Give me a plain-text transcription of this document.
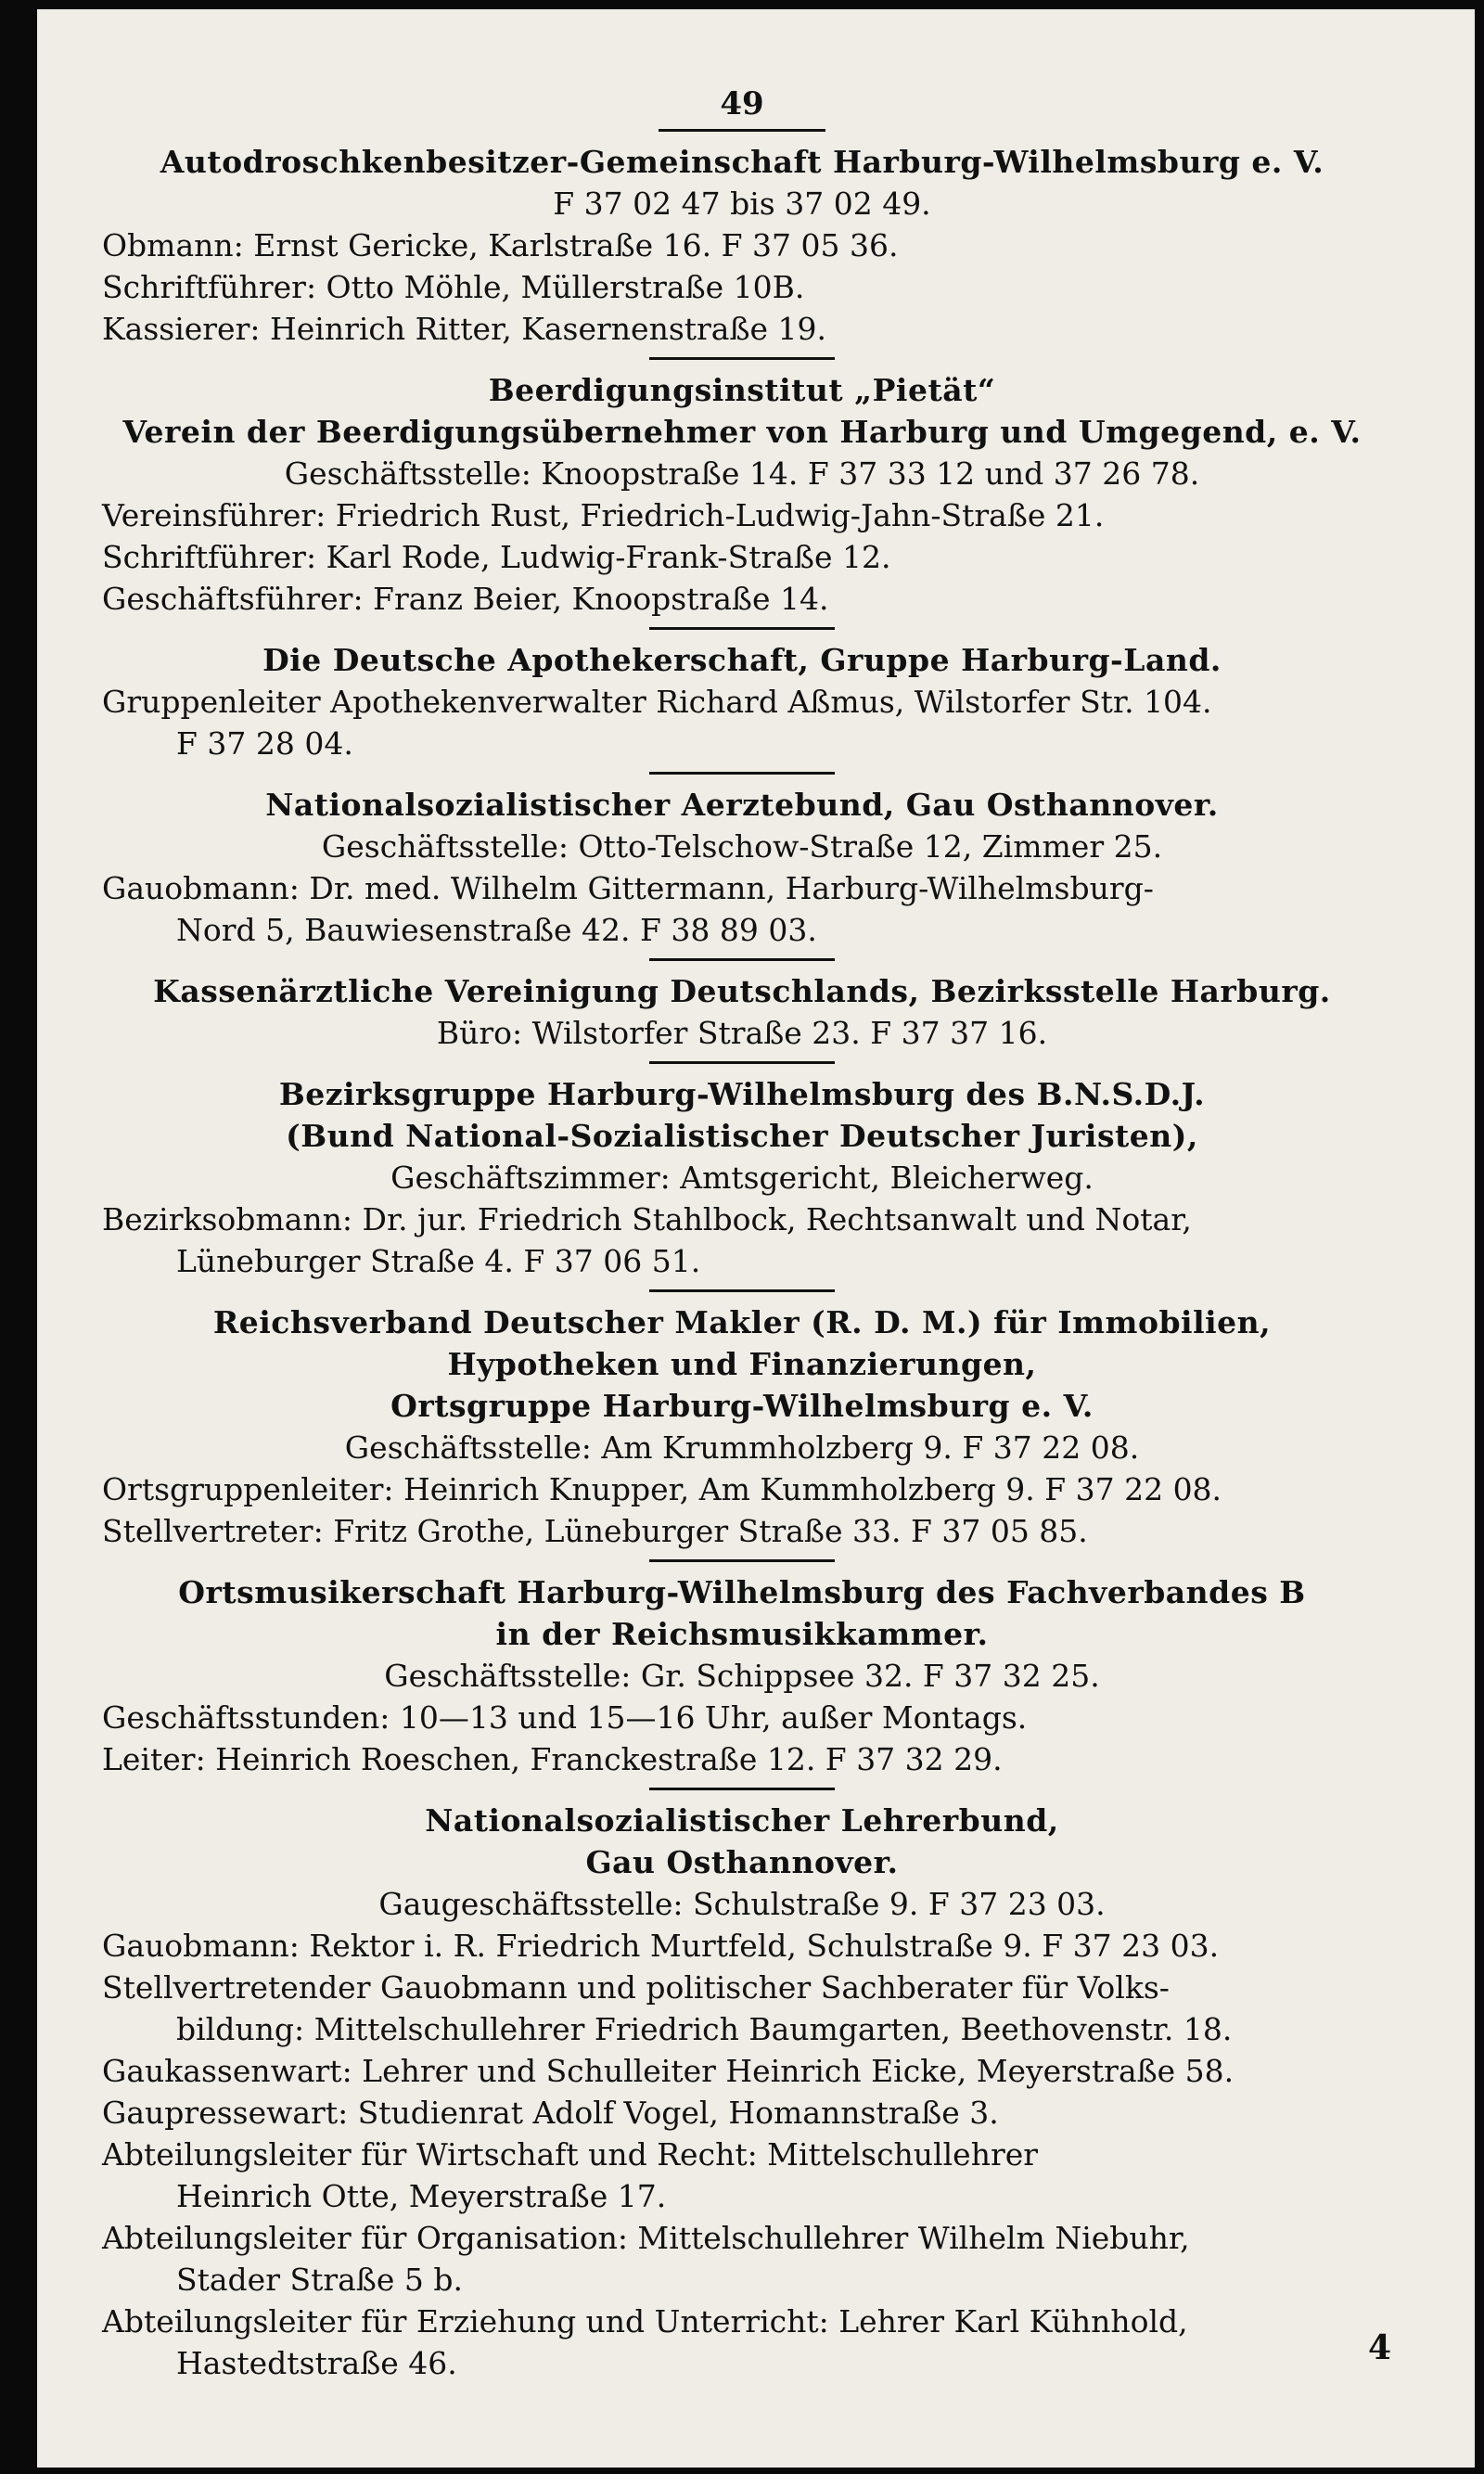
49
Autodroschkenbesitzer-Gemeinschaft Harburg-Wilhelmsburg e. V.
F 37 02 47 bis 37 02 49.
Obmann: Ernst Gericke, Karlstraße 16. F 37 05 36.
Schriftführer: Otto Möhle, Müllerstraße 10B.
Kassierer: Heinrich Ritter, Kasernenstraße 19.
Beerdigungsinstitut „Pietät“
Verein der Beerdigungsübernehmer von Harburg und Umgegend, e. V.
Geschäftsstelle: Knoopstraße 14. F 37 33 12 und 37 26 78.
Vereinsführer: Friedrich Rust, Friedrich-Ludwig-Jahn-Straße 21.
Schriftführer: Karl Rode, Ludwig-Frank-Straße 12.
Geschäftsführer: Franz Beier, Knoopstraße 14.
Die Deutsche Apothekerschaft, Gruppe Harburg-Land.
Gruppenleiter Apothekenverwalter Richard Aßmus, Wilstorfer Str. 104.
F 37 28 04.
Nationalsozialistischer Aerztebund, Gau Osthannover.
Geschäftsstelle: Otto-Telschow-Straße 12, Zimmer 25.
Gauobmann: Dr. med. Wilhelm Gittermann, Harburg-Wilhelmsburg-
Nord 5, Bauwiesenstraße 42. F 38 89 03.
Kassenärztliche Vereinigung Deutschlands, Bezirksstelle Harburg.
Büro: Wilstorfer Straße 23. F 37 37 16.
Bezirksgruppe Harburg-Wilhelmsburg des B.N.S.D.J.
(Bund National-Sozialistischer Deutscher Juristen),
Geschäftszimmer: Amtsgericht, Bleicherweg.
Bezirksobmann: Dr. jur. Friedrich Stahlbock, Rechtsanwalt und Notar,
Lüneburger Straße 4. F 37 06 51.
Reichsverband Deutscher Makler (R. D. M.) für Immobilien,
Hypotheken und Finanzierungen,
Ortsgruppe Harburg-Wilhelmsburg e. V.
Geschäftsstelle: Am Krummholzberg 9. F 37 22 08.
Ortsgruppenleiter: Heinrich Knupper, Am Kummholzberg 9. F 37 22 08.
Stellvertreter: Fritz Grothe, Lüneburger Straße 33. F 37 05 85.
Ortsmusikerschaft Harburg-Wilhelmsburg des Fachverbandes B
in der Reichsmusikkammer.
Geschäftsstelle: Gr. Schippsee 32. F 37 32 25.
Geschäftsstunden: 10—13 und 15—16 Uhr, außer Montags.
Leiter: Heinrich Roeschen, Franckestraße 12. F 37 32 29.
Nationalsozialistischer Lehrerbund,
Gau Osthannover.
Gaugeschäftsstelle: Schulstraße 9. F 37 23 03.
Gauobmann: Rektor i. R. Friedrich Murtfeld, Schulstraße 9. F 37 23 03.
Stellvertretender Gauobmann und politischer Sachberater für Volks-
bildung: Mittelschullehrer Friedrich Baumgarten, Beethovenstr. 18.
Gaukassenwart: Lehrer und Schulleiter Heinrich Eicke, Meyerstraße 58.
Gaupressewart: Studienrat Adolf Vogel, Homannstraße 3.
Abteilungsleiter für Wirtschaft und Recht: Mittelschullehrer
Heinrich Otte, Meyerstraße 17.
Abteilungsleiter für Organisation: Mittelschullehrer Wilhelm Niebuhr,
Stader Straße 5 b.
Abteilungsleiter für Erziehung und Unterricht: Lehrer Karl Kühnhold,
Hastedtstraße 46.	4
